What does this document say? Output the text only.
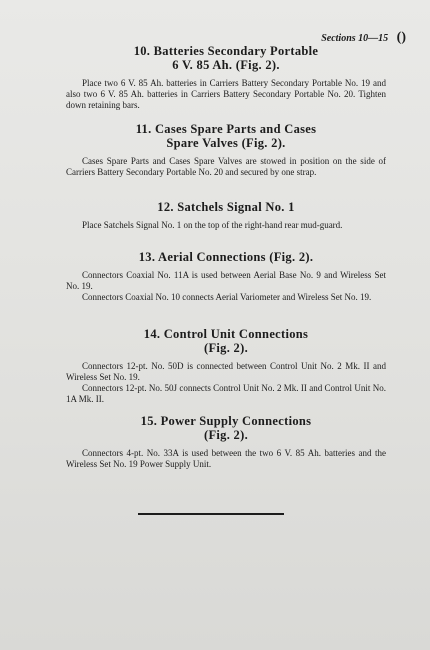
Sections 10—15 ()
10. Batteries Secondary Portable
6 V. 85 Ah. (Fig. 2).

Place two 6 V. 85 Ah. batteries in Carriers Battery Secondary Portable No. 19 and also two 6 V. 85 Ah. batteries in Carriers Battery Secondary Portable No. 20. Tighten down retaining bars.

11. Cases Spare Parts and Cases
Spare Valves (Fig. 2).

Cases Spare Parts and Cases Spare Valves are stowed in position on the side of Carriers Battery Secondary Portable No. 20 and secured by one strap.

12. Satchels Signal No. 1

Place Satchels Signal No. 1 on the top of the right-hand rear mud-guard.

13. Aerial Connections (Fig. 2).

Connectors Coaxial No. 11A is used between Aerial Base No. 9 and Wireless Set No. 19.

Connectors Coaxial No. 10 connects Aerial Variometer and Wireless Set No. 19.

14. Control Unit Connections
(Fig. 2).

Connectors 12-pt. No. 50D is connected between Control Unit No. 2 Mk. II and Wireless Set No. 19.

Connectors 12-pt. No. 50J connects Control Unit No. 2 Mk. II and Control Unit No. 1A Mk. II.

15. Power Supply Connections
(Fig. 2).

Connectors 4-pt. No. 33A is used between the two 6 V. 85 Ah. batteries and the Wireless Set No. 19 Power Supply Unit.
